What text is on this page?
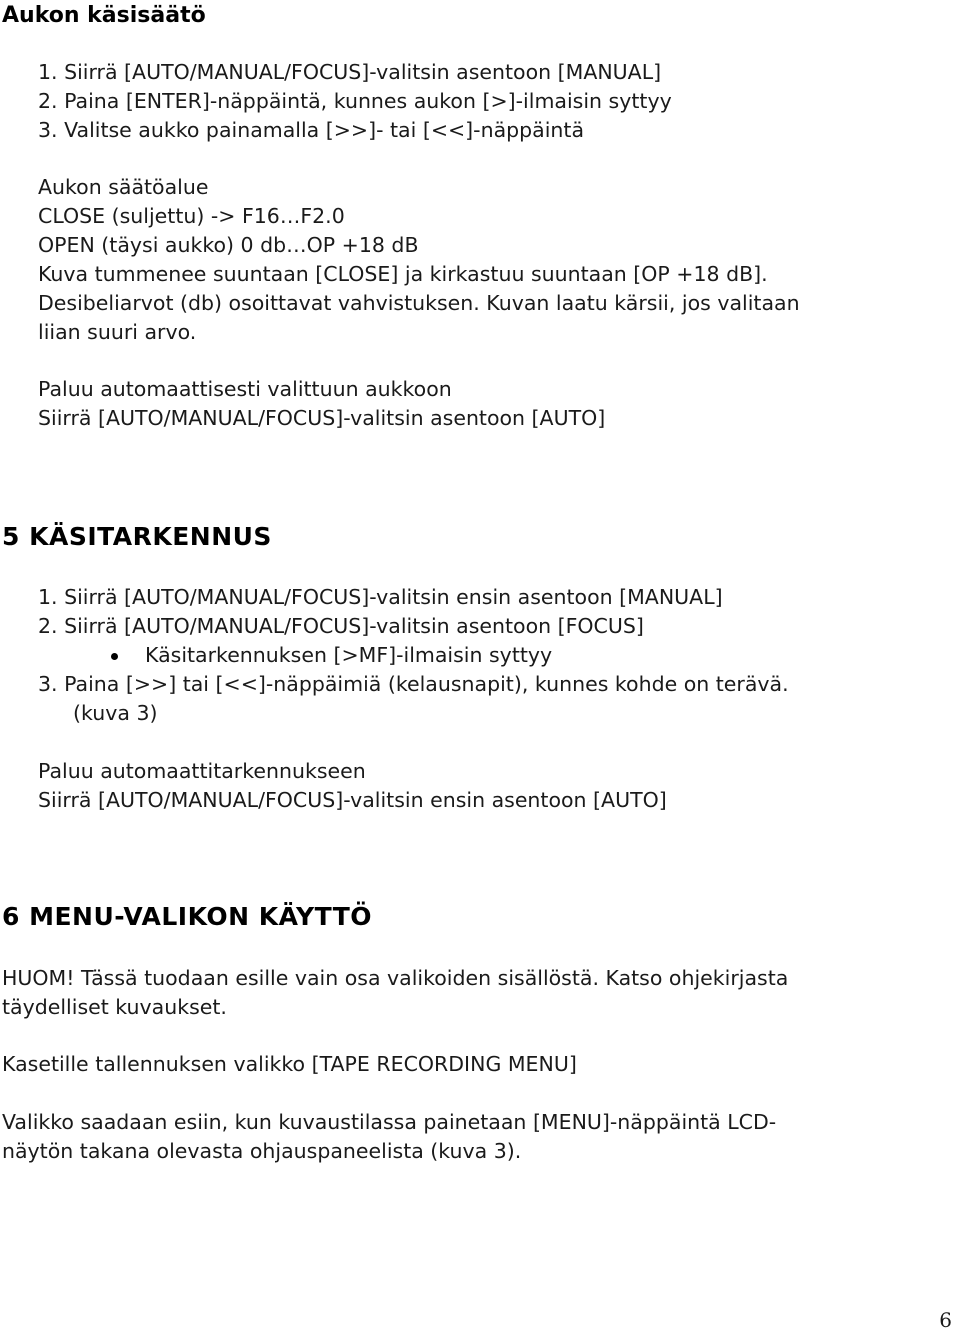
Aukon käsisäätö
1. Siirrä [AUTO/MANUAL/FOCUS]-valitsin asentoon [MANUAL]
2. Paina [ENTER]-näppäintä, kunnes aukon [>]-ilmaisin syttyy
3. Valitse aukko painamalla [>>]- tai [<<]-näppäintä
Aukon säätöalue
CLOSE (suljettu) -> F16…F2.0
OPEN (täysi aukko) 0 db…OP +18 dB
Kuva tummenee suuntaan [CLOSE] ja kirkastuu suuntaan [OP +18 dB].
Desibeliarvot (db) osoittavat vahvistuksen. Kuvan laatu kärsii, jos valitaan
liian suuri arvo.
Paluu automaattisesti valittuun aukkoon
Siirrä [AUTO/MANUAL/FOCUS]-valitsin asentoon [AUTO]
5 KÄSITARKENNUS
1. Siirrä [AUTO/MANUAL/FOCUS]-valitsin ensin asentoon [MANUAL]
2. Siirrä [AUTO/MANUAL/FOCUS]-valitsin asentoon [FOCUS]
Käsitarkennuksen [>MF]-ilmaisin syttyy
3. Paina [>>] tai [<<]-näppäimiä (kelausnapit), kunnes kohde on terävä.
(kuva 3)
Paluu automaattitarkennukseen
Siirrä [AUTO/MANUAL/FOCUS]-valitsin ensin asentoon [AUTO]
6 MENU-VALIKON KÄYTTÖ
HUOM! Tässä tuodaan esille vain osa valikoiden sisällöstä. Katso ohjekirjasta
täydelliset kuvaukset.
Kasetille tallennuksen valikko [TAPE RECORDING MENU]
Valikko saadaan esiin, kun kuvaustilassa painetaan [MENU]-näppäintä LCD-
näytön takana olevasta ohjauspaneelista (kuva 3).
6
